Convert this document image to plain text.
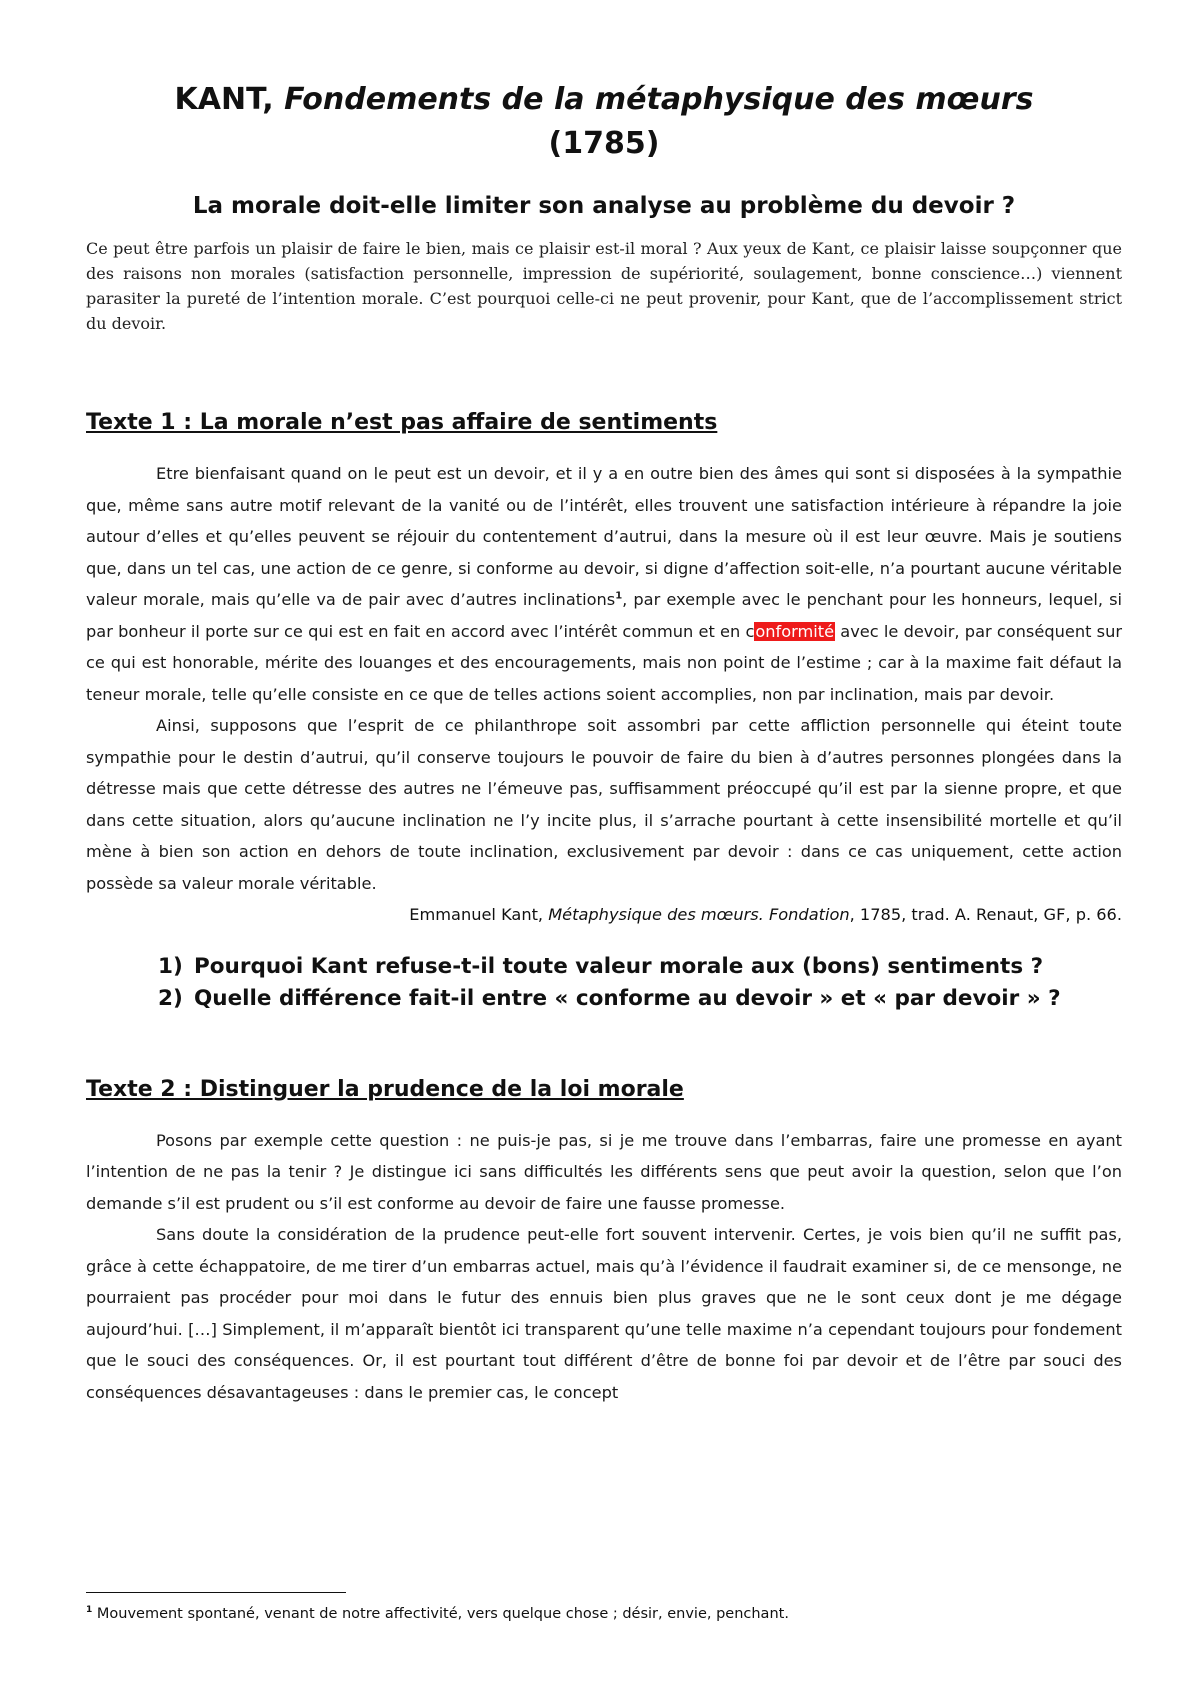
KANT, Fondements de la métaphysique des mœurs
(1785)
La morale doit-elle limiter son analyse au problème du devoir ?

Ce peut être parfois un plaisir de faire le bien, mais ce plaisir est-il moral ? Aux yeux de Kant, ce plaisir laisse soupçonner que des raisons non morales (satisfaction personnelle, impression de supériorité, soulagement, bonne conscience…) viennent parasiter la pureté de l’intention morale. C’est pourquoi celle-ci ne peut provenir, pour Kant, que de l’accomplissement strict du devoir.

Texte 1 : La morale n’est pas affaire de sentiments

Etre bienfaisant quand on le peut est un devoir, et il y a en outre bien des âmes qui sont si disposées à la sympathie que, même sans autre motif relevant de la vanité ou de l’intérêt, elles trouvent une satisfaction intérieure à répandre la joie autour d’elles et qu’elles peuvent se réjouir du contentement d’autrui, dans la mesure où il est leur œuvre. Mais je soutiens que, dans un tel cas, une action de ce genre, si conforme au devoir, si digne d’affection soit-elle, n’a pourtant aucune véritable valeur morale, mais qu’elle va de pair avec d’autres inclinations$^1$, par exemple avec le penchant pour les honneurs, lequel, si par bonheur il porte sur ce qui est en fait en accord avec l’intérêt commun et en conformité avec le devoir, par conséquent sur ce qui est honorable, mérite des louanges et des encouragements, mais non point de l’estime ; car à la maxime fait défaut la teneur morale, telle qu’elle consiste en ce que de telles actions soient accomplies, non par inclination, mais par devoir.

Ainsi, supposons que l’esprit de ce philanthrope soit assombri par cette affliction personnelle qui éteint toute sympathie pour le destin d’autrui, qu’il conserve toujours le pouvoir de faire du bien à d’autres personnes plongées dans la détresse mais que cette détresse des autres ne l’émeuve pas, suffisamment préoccupé qu’il est par la sienne propre, et que dans cette situation, alors qu’aucune inclination ne l’y incite plus, il s’arrache pourtant à cette insensibilité mortelle et qu’il mène à bien son action en dehors de toute inclination, exclusivement par devoir : dans ce cas uniquement, cette action possède sa valeur morale véritable.

Emmanuel Kant, Métaphysique des mœurs. Fondation, 1785, trad. A. Renaut, GF, p. 66.

1) Pourquoi Kant refuse-t-il toute valeur morale aux (bons) sentiments ?
2) Quelle différence fait-il entre « conforme au devoir » et « par devoir » ?
Texte 2 : Distinguer la prudence de la loi morale

Posons par exemple cette question : ne puis-je pas, si je me trouve dans l’embarras, faire une promesse en ayant l’intention de ne pas la tenir ? Je distingue ici sans difficultés les différents sens que peut avoir la question, selon que l’on demande s’il est prudent ou s’il est conforme au devoir de faire une fausse promesse.

Sans doute la considération de la prudence peut-elle fort souvent intervenir. Certes, je vois bien qu’il ne suffit pas, grâce à cette échappatoire, de me tirer d’un embarras actuel, mais qu’à l’évidence il faudrait examiner si, de ce mensonge, ne pourraient pas procéder pour moi dans le futur des ennuis bien plus graves que ne le sont ceux dont je me dégage aujourd’hui. […] Simplement, il m’apparaît bientôt ici transparent qu’une telle maxime n’a cependant toujours pour fondement que le souci des conséquences. Or, il est pourtant tout différent d’être de bonne foi par devoir et de l’être par souci des conséquences désavantageuses : dans le premier cas, le concept

$^1$ Mouvement spontané, venant de notre affectivité, vers quelque chose ; désir, envie, penchant.
